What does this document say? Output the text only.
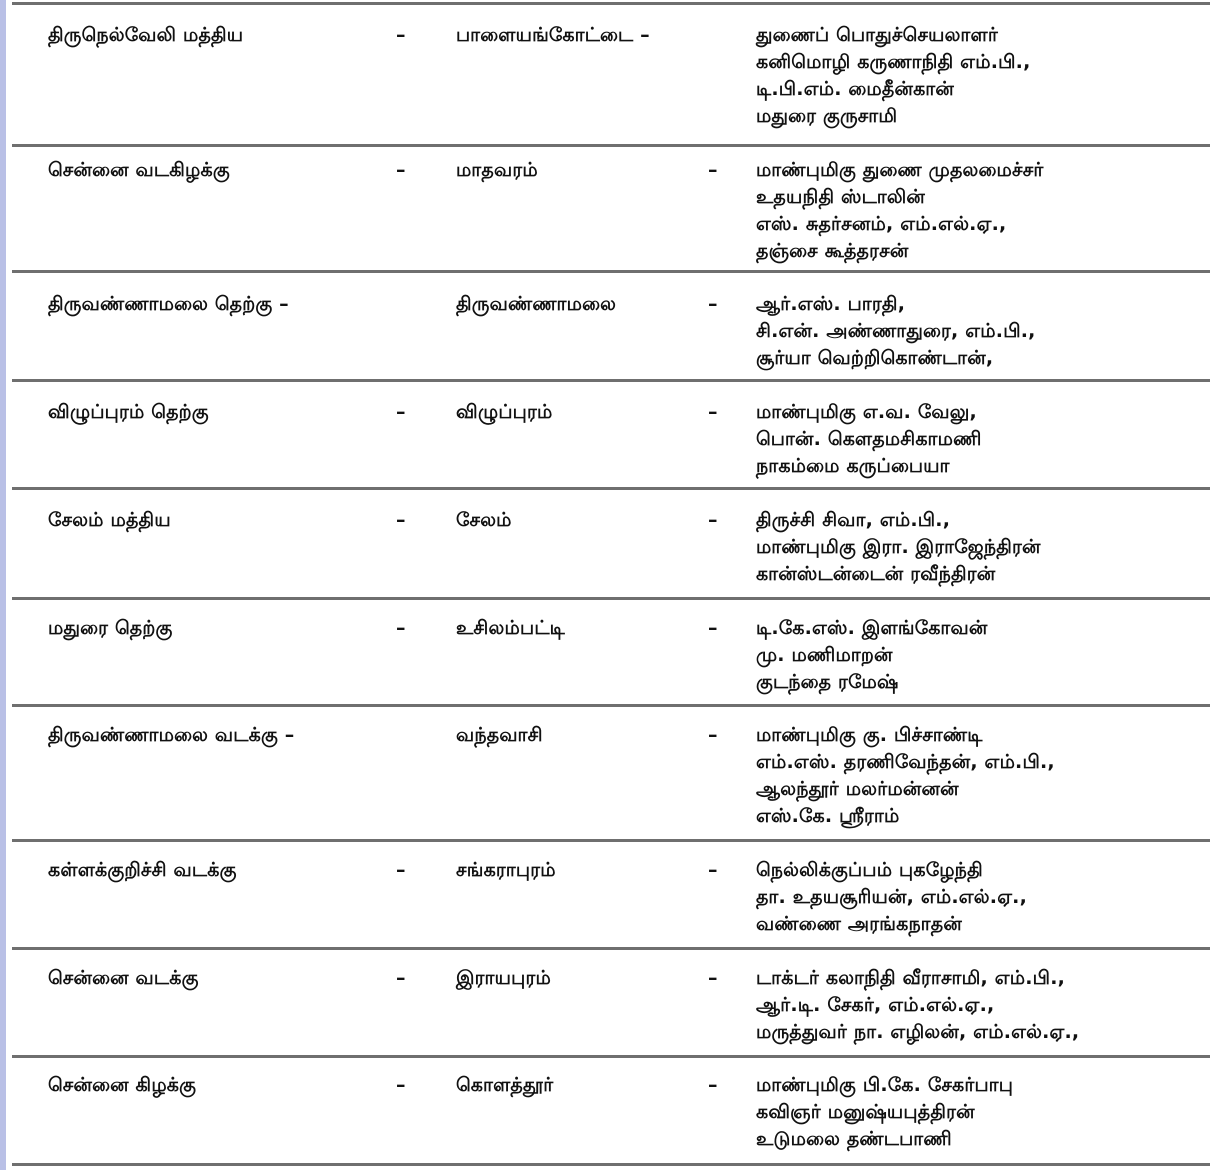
திருநெல்வேலி மத்திய	–	பாளையங்கோட்டை –	துணைப் பொதுச்செயலாளர்
கனிமொழி கருணாநிதி எம்.பி.,
டி.பி.எம். மைதீன்கான்
மதுரை குருசாமி
சென்னை வடகிழக்கு	–	மாதவரம்	– மாண்புமிகு துணை முதலமைச்சர்
உதயநிதி ஸ்டாலின்
எஸ். சுதர்சனம், எம்.எல்.ஏ.,
தஞ்சை கூத்தரசன்
திருவண்ணாமலை தெற்கு –	திருவண்ணாமலை	– ஆர்.எஸ். பாரதி,
சி.என். அண்ணாதுரை, எம்.பி.,
சூர்யா வெற்றிகொண்டான்,
விழுப்புரம் தெற்கு	–	விழுப்புரம்	– மாண்புமிகு எ.வ. வேலு,
பொன். கௌதமசிகாமணி
நாகம்மை கருப்பையா
சேலம் மத்திய	–	சேலம்	– திருச்சி சிவா, எம்.பி.,
மாண்புமிகு இரா. இராஜேந்திரன்
கான்ஸ்டன்டைன் ரவீந்திரன்
மதுரை தெற்கு	–	உசிலம்பட்டி	– டி.கே.எஸ். இளங்கோவன்
மு. மணிமாறன்
குடந்தை ரமேஷ்
திருவண்ணாமலை வடக்கு –	வந்தவாசி	– மாண்புமிகு கு. பிச்சாண்டி
எம்.எஸ். தரணிவேந்தன், எம்.பி.,
ஆலந்தூர் மலர்மன்னன்
எஸ்.கே. ஸ்ரீராம்
கள்ளக்குறிச்சி வடக்கு	–	சங்கராபுரம்	– நெல்லிக்குப்பம் புகழேந்தி
தா. உதயசூரியன், எம்.எல்.ஏ.,
வண்ணை அரங்கநாதன்
சென்னை வடக்கு	–	இராயபுரம்	– டாக்டர் கலாநிதி வீராசாமி, எம்.பி.,
ஆர்.டி. சேகர், எம்.எல்.ஏ.,
மருத்துவர் நா. எழிலன், எம்.எல்.ஏ.,
சென்னை கிழக்கு	–	கொளத்தூர்	– மாண்புமிகு பி.கே. சேகர்பாபு
கவிஞர் மனுஷ்யபுத்திரன்
உடுமலை தண்டபாணி
